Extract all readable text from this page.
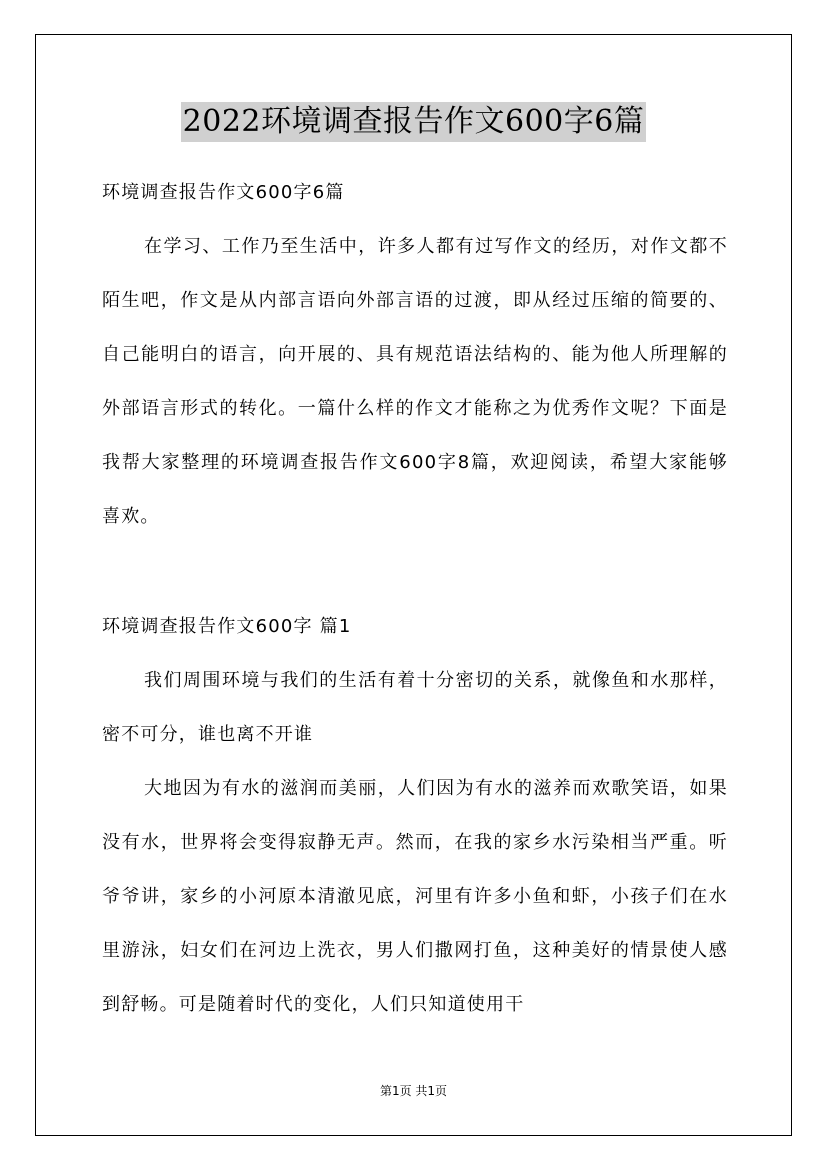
2022环境调查报告作文600字6篇

环境调查报告作文600字6篇

在学习、工作乃至生活中，许多人都有过写作文的经历，对作文都不陌生吧，作文是从内部言语向外部言语的过渡，即从经过压缩的简要的、自己能明白的语言，向开展的、具有规范语法结构的、能为他人所理解的外部语言形式的转化。一篇什么样的作文才能称之为优秀作文呢？下面是我帮大家整理的环境调查报告作文600字8篇，欢迎阅读，希望大家能够喜欢。

环境调查报告作文600字 篇1

我们周围环境与我们的生活有着十分密切的关系，就像鱼和水那样，密不可分，谁也离不开谁

大地因为有水的滋润而美丽，人们因为有水的滋养而欢歌笑语，如果没有水，世界将会变得寂静无声。然而，在我的家乡水污染相当严重。听爷爷讲，家乡的小河原本清澈见底，河里有许多小鱼和虾，小孩子们在水里游泳，妇女们在河边上洗衣，男人们撒网打鱼，这种美好的情景使人感到舒畅。可是随着时代的变化，人们只知道使用干

第1页 共1页
